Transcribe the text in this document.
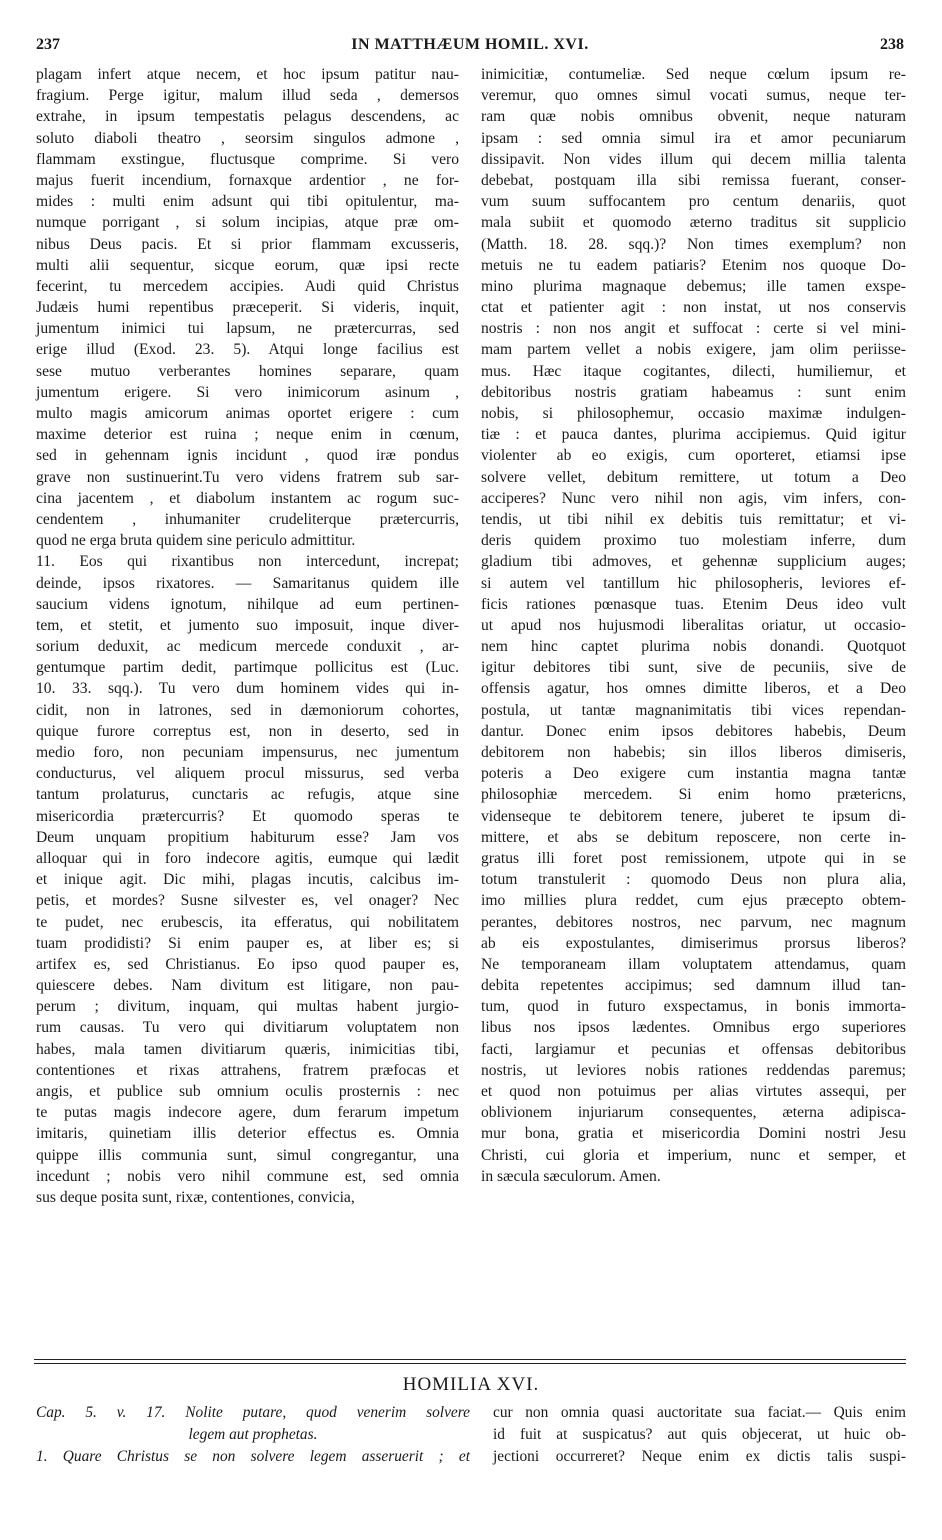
237	IN MATTHÆUM HOMIL. XVI.	238
plagam infert atque necem, et hoc ipsum patitur nau-
fragium. Perge igitur, malum illud seda , demersos
extrahe, in ipsum tempestatis pelagus descendens, ac
soluto diaboli theatro , seorsim singulos admone ,
flammam exstingue, fluctusque comprime. Si vero
majus fuerit incendium, fornaxque ardentior , ne for-
mides : multi enim adsunt qui tibi opitulentur, ma-
numque porrigant , si solum incipias, atque præ om-
nibus Deus pacis. Et si prior flammam excusseris,
multi alii sequentur, sicque eorum, quæ ipsi recte
fecerint, tu mercedem accipies. Audi quid Christus
Judæis humi repentibus præceperit. Si videris, inquit,
jumentum inimici tui lapsum, ne prætercurras, sed
erige illud (Exod. 23. 5). Atqui longe facilius est
sese mutuo verberantes homines separare, quam
jumentum erigere. Si vero inimicorum asinum ,
multo magis amicorum animas oportet erigere : cum
maxime deterior est ruina ; neque enim in cœnum,
sed in gehennam ignis incidunt , quod iræ pondus
grave non sustinuerint.Tu vero videns fratrem sub sar-
cina jacentem , et diabolum instantem ac rogum suc-
cendentem , inhumaniter crudeliterque prætercurris,
quod ne erga bruta quidem sine periculo admittitur.
11. Eos qui rixantibus non intercedunt, increpat;
deinde, ipsos rixatores. — Samaritanus quidem ille
saucium videns ignotum, nihilque ad eum pertinen-
tem, et stetit, et jumento suo imposuit, inque diver-
sorium deduxit, ac medicum mercede conduxit , ar-
gentumque partim dedit, partimque pollicitus est (Luc.
10. 33. sqq.). Tu vero dum hominem vides qui in-
cidit, non in latrones, sed in dæmoniorum cohortes,
quique furore correptus est, non in deserto, sed in
medio foro, non pecuniam impensurus, nec jumentum
conducturus, vel aliquem procul missurus, sed verba
tantum prolaturus, cunctaris ac refugis, atque sine
misericordia prætercurris? Et quomodo speras te
Deum unquam propitium habiturum esse? Jam vos
alloquar qui in foro indecore agitis, eumque qui lædit
et inique agit. Dic mihi, plagas incutis, calcibus im-
petis, et mordes? Susne silvester es, vel onager? Nec
te pudet, nec erubescis, ita efferatus, qui nobilitatem
tuam prodidisti? Si enim pauper es, at liber es; si
artifex es, sed Christianus. Eo ipso quod pauper es,
quiescere debes. Nam divitum est litigare, non pau-
perum ; divitum, inquam, qui multas habent jurgio-
rum causas. Tu vero qui divitiarum voluptatem non
habes, mala tamen divitiarum quæris, inimicitias tibi,
contentiones et rixas attrahens, fratrem præfocas et
angis, et publice sub omnium oculis prosternis : nec
te putas magis indecore agere, dum ferarum impetum
imitaris, quinetiam illis deterior effectus es. Omnia
quippe illis communia sunt, simul congregantur, una
incedunt ; nobis vero nihil commune est, sed omnia
sus deque posita sunt, rixæ, contentiones, convicia,
inimicitiæ, contumeliæ. Sed neque cœlum ipsum re-
veremur, quo omnes simul vocati sumus, neque ter-
ram quæ nobis omnibus obvenit, neque naturam
ipsam : sed omnia simul ira et amor pecuniarum
dissipavit. Non vides illum qui decem millia talenta
debebat, postquam illa sibi remissa fuerant, conser-
vum suum suffocantem pro centum denariis, quot
mala subiit et quomodo æterno traditus sit supplicio
(Matth. 18. 28. sqq.)? Non times exemplum? non
metuis ne tu eadem patiaris? Etenim nos quoque Do-
mino plurima magnaque debemus; ille tamen exspe-
ctat et patienter agit : non instat, ut nos conservis
nostris : non nos angit et suffocat : certe si vel mini-
mam partem vellet a nobis exigere, jam olim periisse-
mus. Hæc itaque cogitantes, dilecti, humiliemur, et
debitoribus nostris gratiam habeamus : sunt enim
nobis, si philosophemur, occasio maximæ indulgen-
tiæ : et pauca dantes, plurima accipiemus. Quid igitur
violenter ab eo exigis, cum oporteret, etiamsi ipse
solvere vellet, debitum remittere, ut totum a Deo
acciperes? Nunc vero nihil non agis, vim infers, con-
tendis, ut tibi nihil ex debitis tuis remittatur; et vi-
deris quidem proximo tuo molestiam inferre, dum
gladium tibi admoves, et gehennæ supplicium auges;
si autem vel tantillum hic philosopheris, leviores ef-
ficis rationes pœnasque tuas. Etenim Deus ideo vult
ut apud nos hujusmodi liberalitas oriatur, ut occasio-
nem hinc captet plurima nobis donandi. Quotquot
igitur debitores tibi sunt, sive de pecuniis, sive de
offensis agatur, hos omnes dimitte liberos, et a Deo
postula, ut tantæ magnanimitatis tibi vices rependan-
dantur. Donec enim ipsos debitores habebis, Deum
debitorem non habebis; sin illos liberos dimiseris,
poteris a Deo exigere cum instantia magna tantæ
philosophiæ mercedem. Si enim homo prætericns,
videnseque te debitorem tenere, juberet te ipsum di-
mittere, et abs se debitum reposcere, non certe in-
gratus illi foret post remissionem, utpote qui in se
totum transtulerit : quomodo Deus non plura alia,
imo millies plura reddet, cum ejus præcepto obtem-
perantes, debitores nostros, nec parvum, nec magnum
ab eis expostulantes, dimiserimus prorsus liberos?
Ne temporaneam illam voluptatem attendamus, quam
debita repetentes accipimus; sed damnum illud tan-
tum, quod in futuro exspectamus, in bonis immorta-
libus nos ipsos lædentes. Omnibus ergo superiores
facti, largiamur et pecunias et offensas debitoribus
nostris, ut leviores nobis rationes reddendas paremus;
et quod non potuimus per alias virtutes assequi, per
oblivionem injuriarum consequentes, æterna adipisca-
mur bona, gratia et misericordia Domini nostri Jesu
Christi, cui gloria et imperium, nunc et semper, et
in sæcula sæculorum. Amen.
HOMILIA XVI.
Cap. 5. v. 17. Nolite putare, quod venerim solvere
legem aut prophetas.
1. Quare Christus se non solvere legem asseruerit ; et
cur non omnia quasi auctoritate sua faciat.— Quis enim
id fuit at suspicatus? aut quis objecerat, ut huic ob-
jectioni occurreret? Neque enim ex dictis talis suspi-
